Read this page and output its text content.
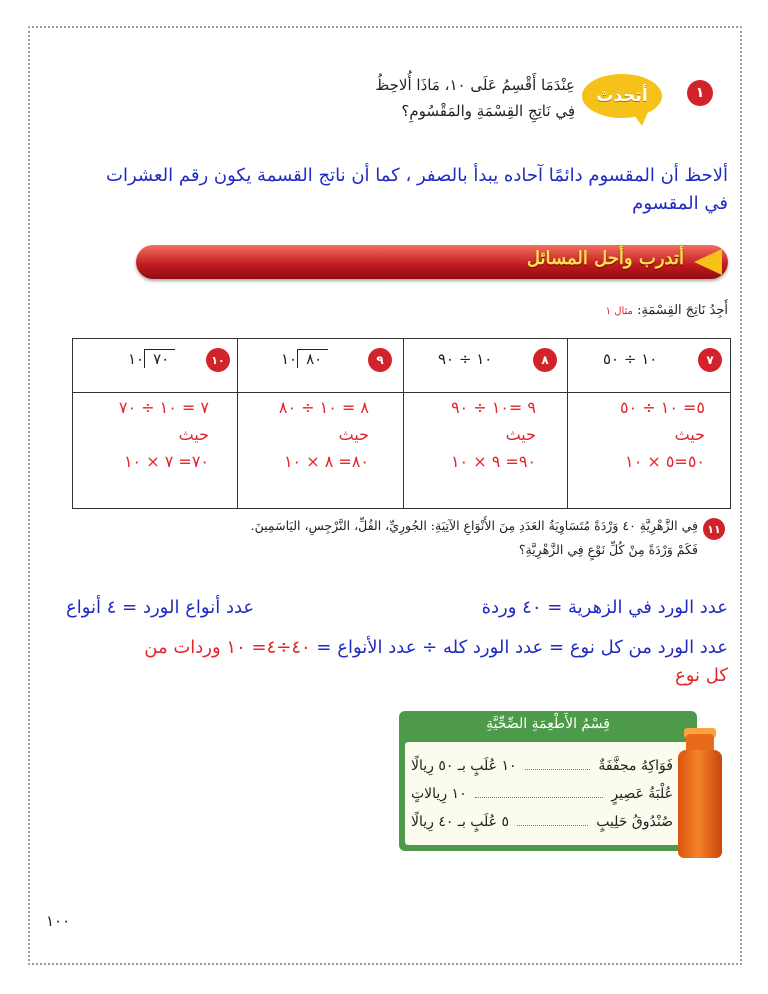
١
أتحدث
عِنْدَمَا أَقْسِمُ عَلَى ١٠، مَاذَا أُلاحِظُ
فِي نَاتِجِ القِسْمَةِ والمَقْسُومِ؟
ألاحظ أن المقسوم دائمًا آحاده يبدأ بالصفر ، كما أن ناتج القسمة يكون رقم العشرات
في المقسوم
أتدرب وأحل المسائل
أَجِدُ نَاتِجَ القِسْمَةِ: مثال ١
٧
١٠ ÷ ٥٠
٥= ١٠ ÷ ٥٠
حيث
٥٠=٥ × ١٠
٨
١٠ ÷ ٩٠
٩ =١٠ ÷ ٩٠
حيث
٩٠= ٩ × ١٠
٩
١٠ ٨٠
٨ = ١٠ ÷ ٨٠
حيث
٨٠= ٨ × ١٠
١٠
١٠ ٧٠
٧ = ١٠ ÷ ٧٠
حيث
٧٠= ٧ × ١٠
١١
فِي الزَّهْرِيَّةِ ٤٠ وَرْدَةً مُتَسَاوِيَةُ العَدَدِ مِنَ الأَنْوَاعِ الآتِيَةِ: الجُورِيِّ، الفُلِّ، النَّرْجِسِ، اليَاسَمِينَ.
فَكَمْ وَرْدَةً مِنْ كُلِّ نَوْعٍ فِي الزَّهْرِيَّةِ؟
عدد الورد في الزهرية = ٤٠ وردة
عدد أنواع الورد = ٤ أنواع
عدد الورد من كل نوع = عدد الورد كله ÷ عدد الأنواع = ٤٠÷٤= ١٠ وردات من
كل نوع
قِسْمُ الأَطْعِمَةِ الصِّحِّيَّةِ
فَوَاكِهُ مجفَّفَةٌ
١٠ عُلَبٍ بـ ٥٠ رِيالًا
عُلْبَةُ عَصِيرٍ
١٠ رِيالاتٍ
صُنْدُوقُ حَلِيبٍ
٥ عُلَبٍ بـ ٤٠ رِيالًا
١٠٠
